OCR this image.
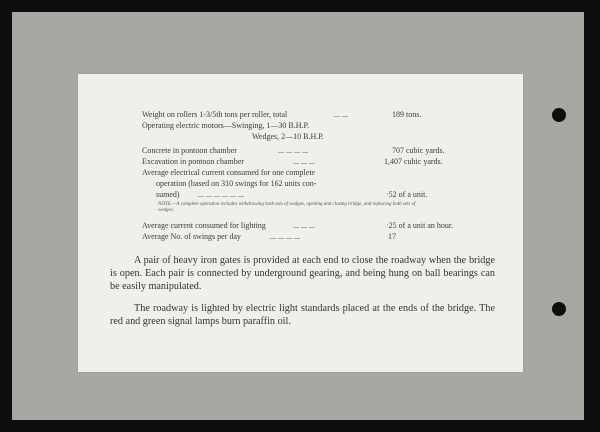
Weight on rollers 1-3/5th tons per roller, total	... ...	189 tons.
Operating electric motors—Swinging, 1—30 B.H.P.
Wedges, 2—10 B.H.P.
Concrete in pontoon chamber	... ... ... ...	707 cubic yards.
Excavation in pontoon chamber	... ... ...	1,407 cubic yards.
Average electrical current consumed for one complete
operation (based on 310 swings for 162 units con-
sumed) ... ... ... ... ... ...	·52 of a unit.
NOTE.—A complete operation includes withdrawing both sets of wedges, opening and closing bridge, and replacing both sets of wedges.
Average current consumed for lighting	... ... ...	·25 of a unit an hour.
Average No. of swings per day	... ... ... ...	17

A pair of heavy iron gates is provided at each end to close the roadway when the bridge is open. Each pair is connected by underground gearing, and being hung on ball bearings can be easily manipulated.

The roadway is lighted by electric light standards placed at the ends of the bridge. The red and green signal lamps burn paraffin oil.
